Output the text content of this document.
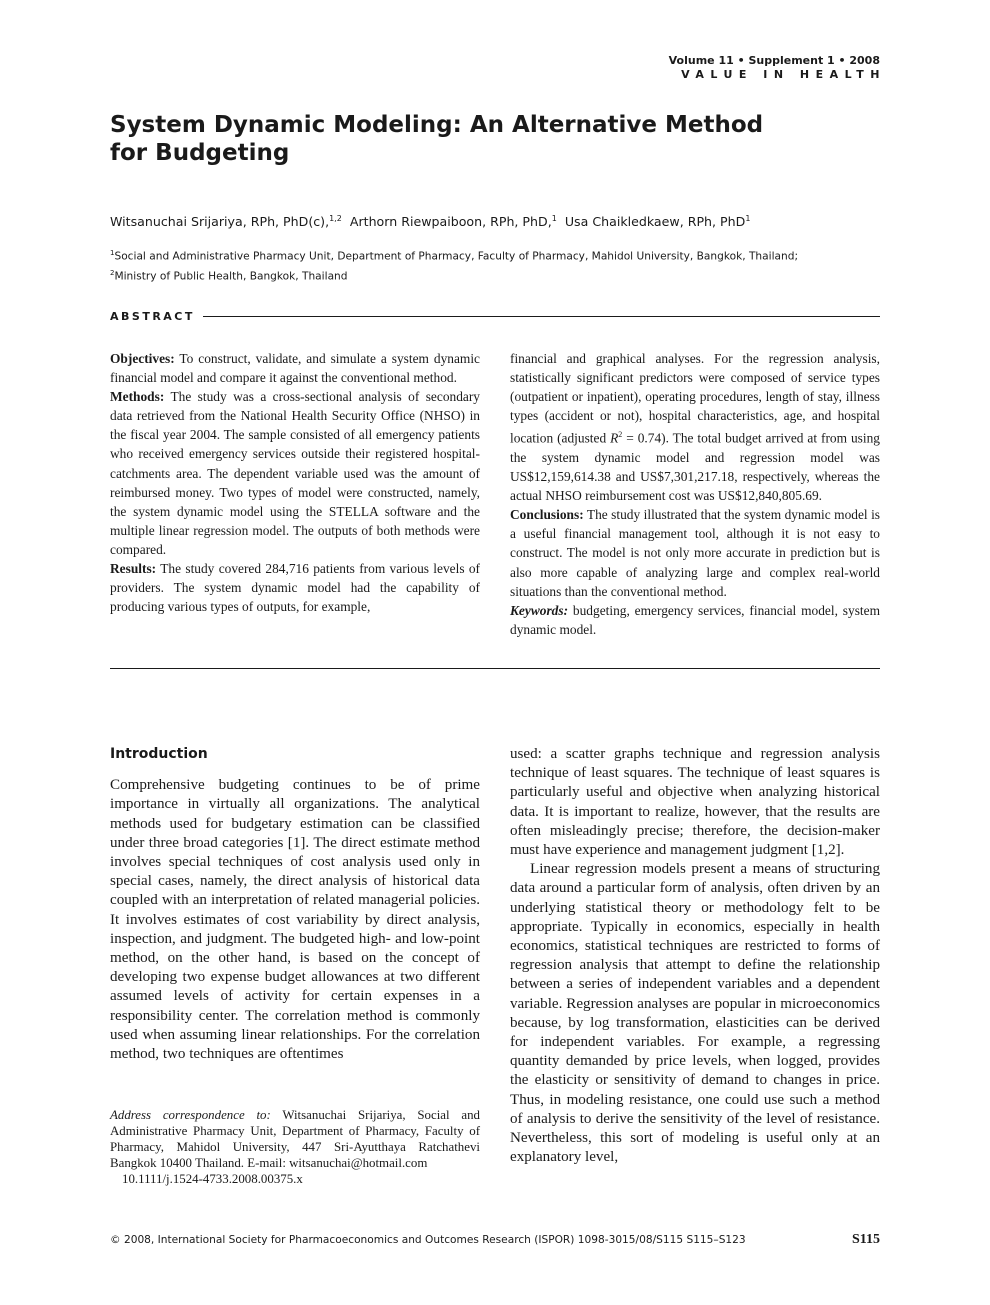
Volume 11 • Supplement 1 • 2008
VALUE IN HEALTH
System Dynamic Modeling: An Alternative Method
for Budgeting
Witsanuchai Srijariya, RPh, PhD(c),$^{1,2}$ Arthorn Riewpaiboon, RPh, PhD,$^1$ Usa Chaikledkaew, RPh, PhD$^1$
$^1$Social and Administrative Pharmacy Unit, Department of Pharmacy, Faculty of Pharmacy, Mahidol University, Bangkok, Thailand;
$^2$Ministry of Public Health, Bangkok, Thailand
ABSTRACT

Objectives: To construct, validate, and simulate a system dynamic financial model and compare it against the conventional method.

Methods: The study was a cross-sectional analysis of secondary data retrieved from the National Health Security Office (NHSO) in the fiscal year 2004. The sample consisted of all emergency patients who received emergency services outside their registered hospital-catchments area. The dependent variable used was the amount of reimbursed money. Two types of model were constructed, namely, the system dynamic model using the STELLA software and the multiple linear regression model. The outputs of both methods were compared.

Results: The study covered 284,716 patients from various levels of providers. The system dynamic model had the capability of producing various types of outputs, for example,

financial and graphical analyses. For the regression analysis, statistically significant predictors were composed of service types (outpatient or inpatient), operating procedures, length of stay, illness types (accident or not), hospital characteristics, age, and hospital location (adjusted $R^2 = 0.74$). The total budget arrived at from using the system dynamic model and regression model was US$12,159,614.38 and US$7,301,217.18, respectively, whereas the actual NHSO reimbursement cost was US$12,840,805.69.

Conclusions: The study illustrated that the system dynamic model is a useful financial management tool, although it is not easy to construct. The model is not only more accurate in prediction but is also more capable of analyzing large and complex real-world situations than the conventional method.

Keywords: budgeting, emergency services, financial model, system dynamic model.

Introduction

Comprehensive budgeting continues to be of prime importance in virtually all organizations. The analytical methods used for budgetary estimation can be classified under three broad categories [1]. The direct estimate method involves special techniques of cost analysis used only in special cases, namely, the direct analysis of historical data coupled with an interpretation of related managerial policies. It involves estimates of cost variability by direct analysis, inspection, and judgment. The budgeted high- and low-point method, on the other hand, is based on the concept of developing two expense budget allowances at two different assumed levels of activity for certain expenses in a responsibility center. The correlation method is commonly used when assuming linear relationships. For the correlation method, two techniques are oftentimes

used: a scatter graphs technique and regression analysis technique of least squares. The technique of least squares is particularly useful and objective when analyzing historical data. It is important to realize, however, that the results are often misleadingly precise; therefore, the decision-maker must have experience and management judgment [1,2].

Linear regression models present a means of structuring data around a particular form of analysis, often driven by an underlying statistical theory or methodology felt to be appropriate. Typically in economics, especially in health economics, statistical techniques are restricted to forms of regression analysis that attempt to define the relationship between a series of independent variables and a dependent variable. Regression analyses are popular in microeconomics because, by log transformation, elasticities can be derived for independent variables. For example, a regressing quantity demanded by price levels, when logged, provides the elasticity or sensitivity of demand to changes in price. Thus, in modeling resistance, one could use such a method of analysis to derive the sensitivity of the level of resistance. Nevertheless, this sort of modeling is useful only at an explanatory level,

Address correspondence to: Witsanuchai Srijariya, Social and Administrative Pharmacy Unit, Department of Pharmacy, Faculty of Pharmacy, Mahidol University, 447 Sri-Ayutthaya Ratchathevi Bangkok 10400 Thailand. E-mail: witsanuchai@hotmail.com

10.1111/j.1524-4733.2008.00375.x

© 2008, International Society for Pharmacoeconomics and Outcomes Research (ISPOR) 1098-3015/08/S115 S115–S123	S115
